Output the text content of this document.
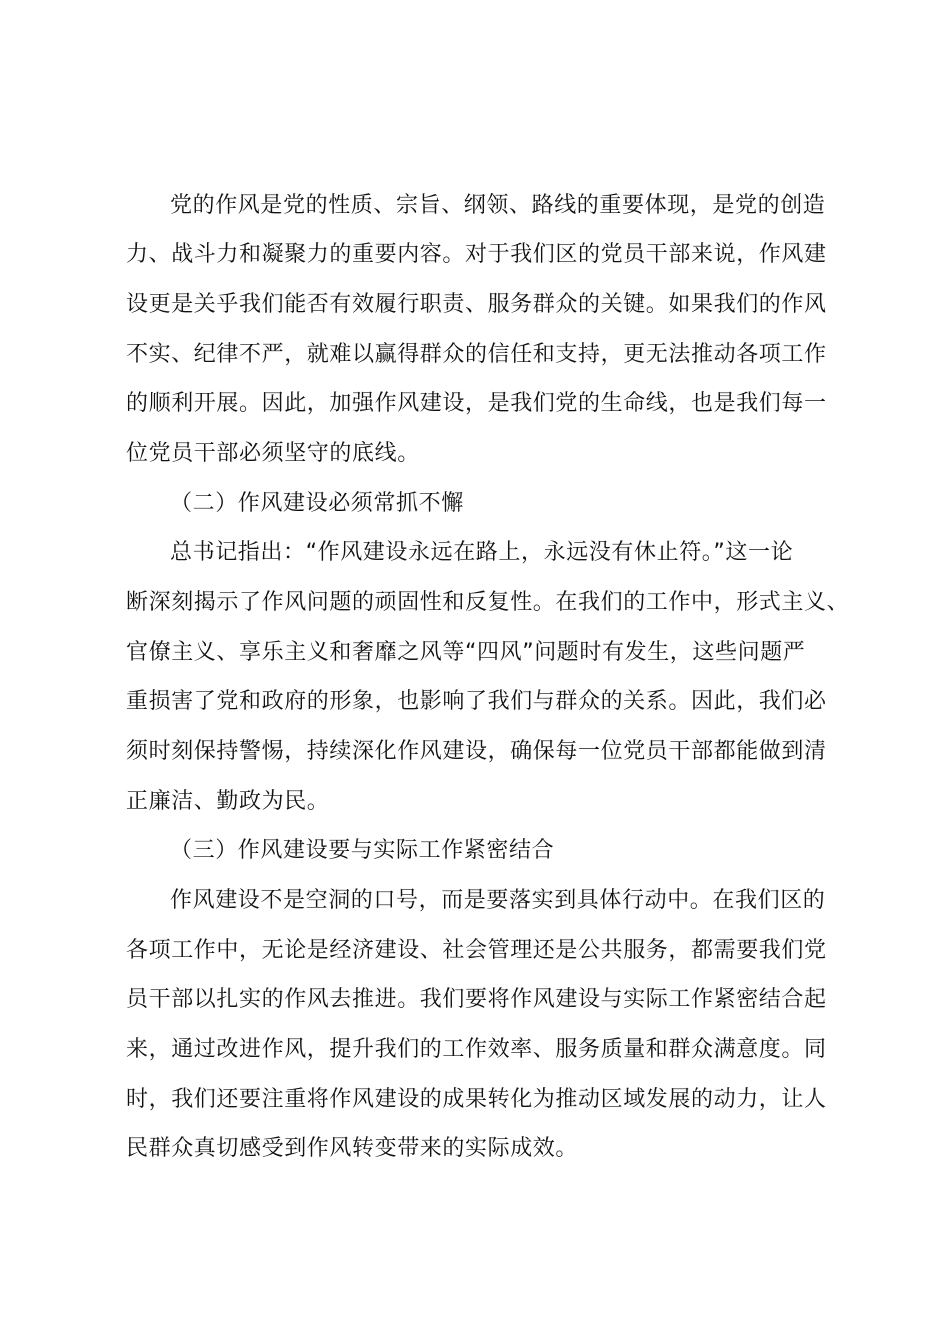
党的作风是党的性质、宗旨、纲领、路线的重要体现，是党的创造
力、战斗力和凝聚力的重要内容。对于我们区的党员干部来说，作风建
设更是关乎我们能否有效履行职责、服务群众的关键。如果我们的作风
不实、纪律不严，就难以赢得群众的信任和支持，更无法推动各项工作
的顺利开展。因此，加强作风建设，是我们党的生命线，也是我们每一
位党员干部必须坚守的底线。
（二）作风建设必须常抓不懈
总书记指出：“作风建设永远在路上，永远没有休止符。”这一论
断深刻揭示了作风问题的顽固性和反复性。在我们的工作中，形式主义、
官僚主义、享乐主义和奢靡之风等“四风”问题时有发生，这些问题严
重损害了党和政府的形象，也影响了我们与群众的关系。因此，我们必
须时刻保持警惕，持续深化作风建设，确保每一位党员干部都能做到清
正廉洁、勤政为民。
（三）作风建设要与实际工作紧密结合
作风建设不是空洞的口号，而是要落实到具体行动中。在我们区的
各项工作中，无论是经济建设、社会管理还是公共服务，都需要我们党
员干部以扎实的作风去推进。我们要将作风建设与实际工作紧密结合起
来，通过改进作风，提升我们的工作效率、服务质量和群众满意度。同
时，我们还要注重将作风建设的成果转化为推动区域发展的动力，让人
民群众真切感受到作风转变带来的实际成效。
